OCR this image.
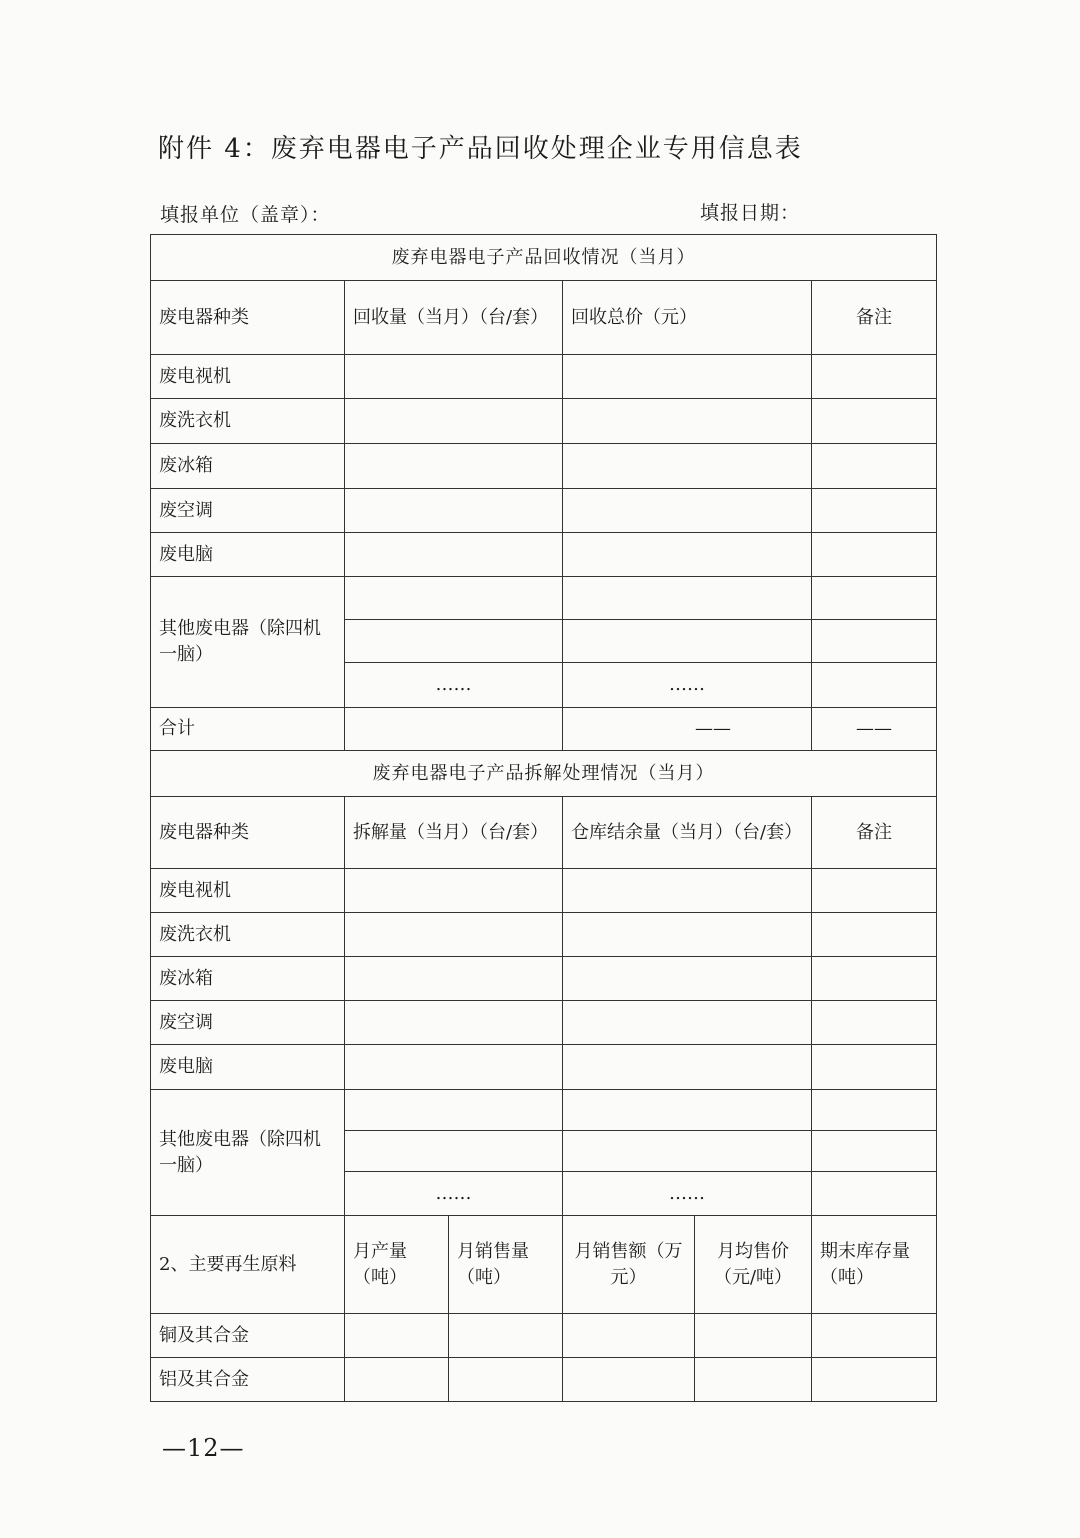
附件 4：废弃电器电子产品回收处理企业专用信息表
填报单位（盖章）：	填报日期：
废弃电器电子产品回收情况（当月）					
废电器种类	回收量（当月）（台/套）		回收总价（元）		备注
废电视机					
废洗衣机					
废冰箱					
废空调					
废电脑					
其他废电器（除四机一脑）					

	……		……		
合计			——		——
废弃电器电子产品拆解处理情况（当月）					
废电器种类	拆解量（当月）（台/套）		仓库结余量（当月）（台/套）		备注
废电视机					
废洗衣机					
废冰箱					
废空调					
废电脑					
其他废电器（除四机一脑）					

	……		……		
2、主要再生原料	月产量（吨）	月销售量（吨）	月销售额（万元）	月均售价（元/吨）	期末库存量（吨）
铜及其合金					
铝及其合金					
—12—
